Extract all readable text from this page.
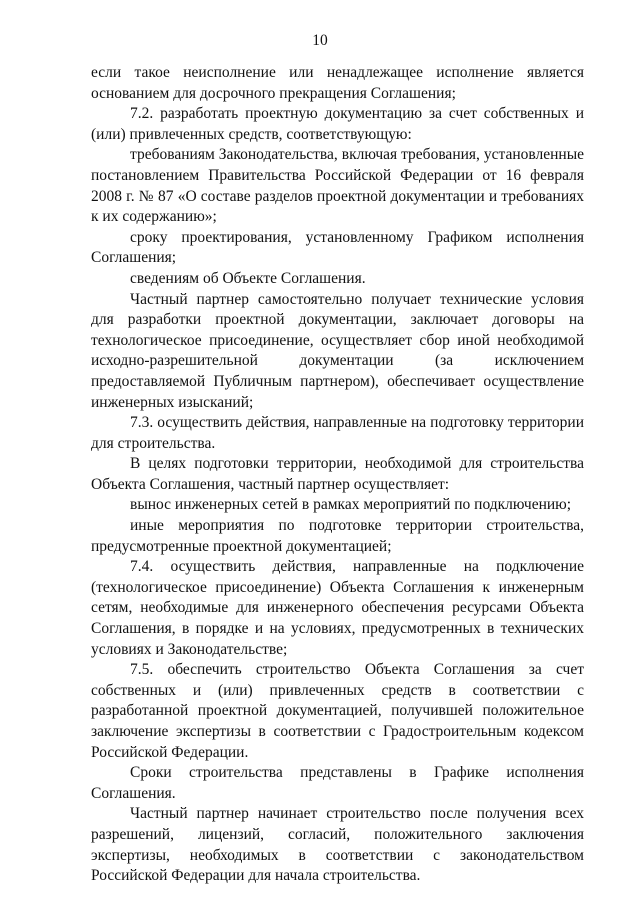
10

если такое неисполнение или ненадлежащее исполнение является основанием для досрочного прекращения Соглашения;

7.2. разработать проектную документацию за счет собственных и (или) привлеченных средств, соответствующую:

требованиям Законодательства, включая требования, установленные постановлением Правительства Российской Федерации от 16 февраля 2008 г. № 87 «О составе разделов проектной документации и требованиях к их содержанию»;

сроку проектирования, установленному Графиком исполнения Соглашения;

сведениям об Объекте Соглашения.

Частный партнер самостоятельно получает технические условия для разработки проектной документации, заключает договоры на технологическое присоединение, осуществляет сбор иной необходимой исходно-разрешительной документации (за исключением предоставляемой Публичным партнером), обеспечивает осуществление инженерных изысканий;

7.3. осуществить действия, направленные на подготовку территории для строительства.

В целях подготовки территории, необходимой для строительства Объекта Соглашения, частный партнер осуществляет:

вынос инженерных сетей в рамках мероприятий по подключению;

иные мероприятия по подготовке территории строительства, предусмотренные проектной документацией;

7.4. осуществить действия, направленные на подключение (технологическое присоединение) Объекта Соглашения к инженерным сетям, необходимые для инженерного обеспечения ресурсами Объекта Соглашения, в порядке и на условиях, предусмотренных в технических условиях и Законодательстве;

7.5. обеспечить строительство Объекта Соглашения за счет собственных и (или) привлеченных средств в соответствии с разработанной проектной документацией, получившей положительное заключение экспертизы в соответствии с Градостроительным кодексом Российской Федерации.

Сроки строительства представлены в Графике исполнения Соглашения.

Частный партнер начинает строительство после получения всех разрешений, лицензий, согласий, положительного заключения экспертизы, необходимых в соответствии с законодательством Российской Федерации для начала строительства.
